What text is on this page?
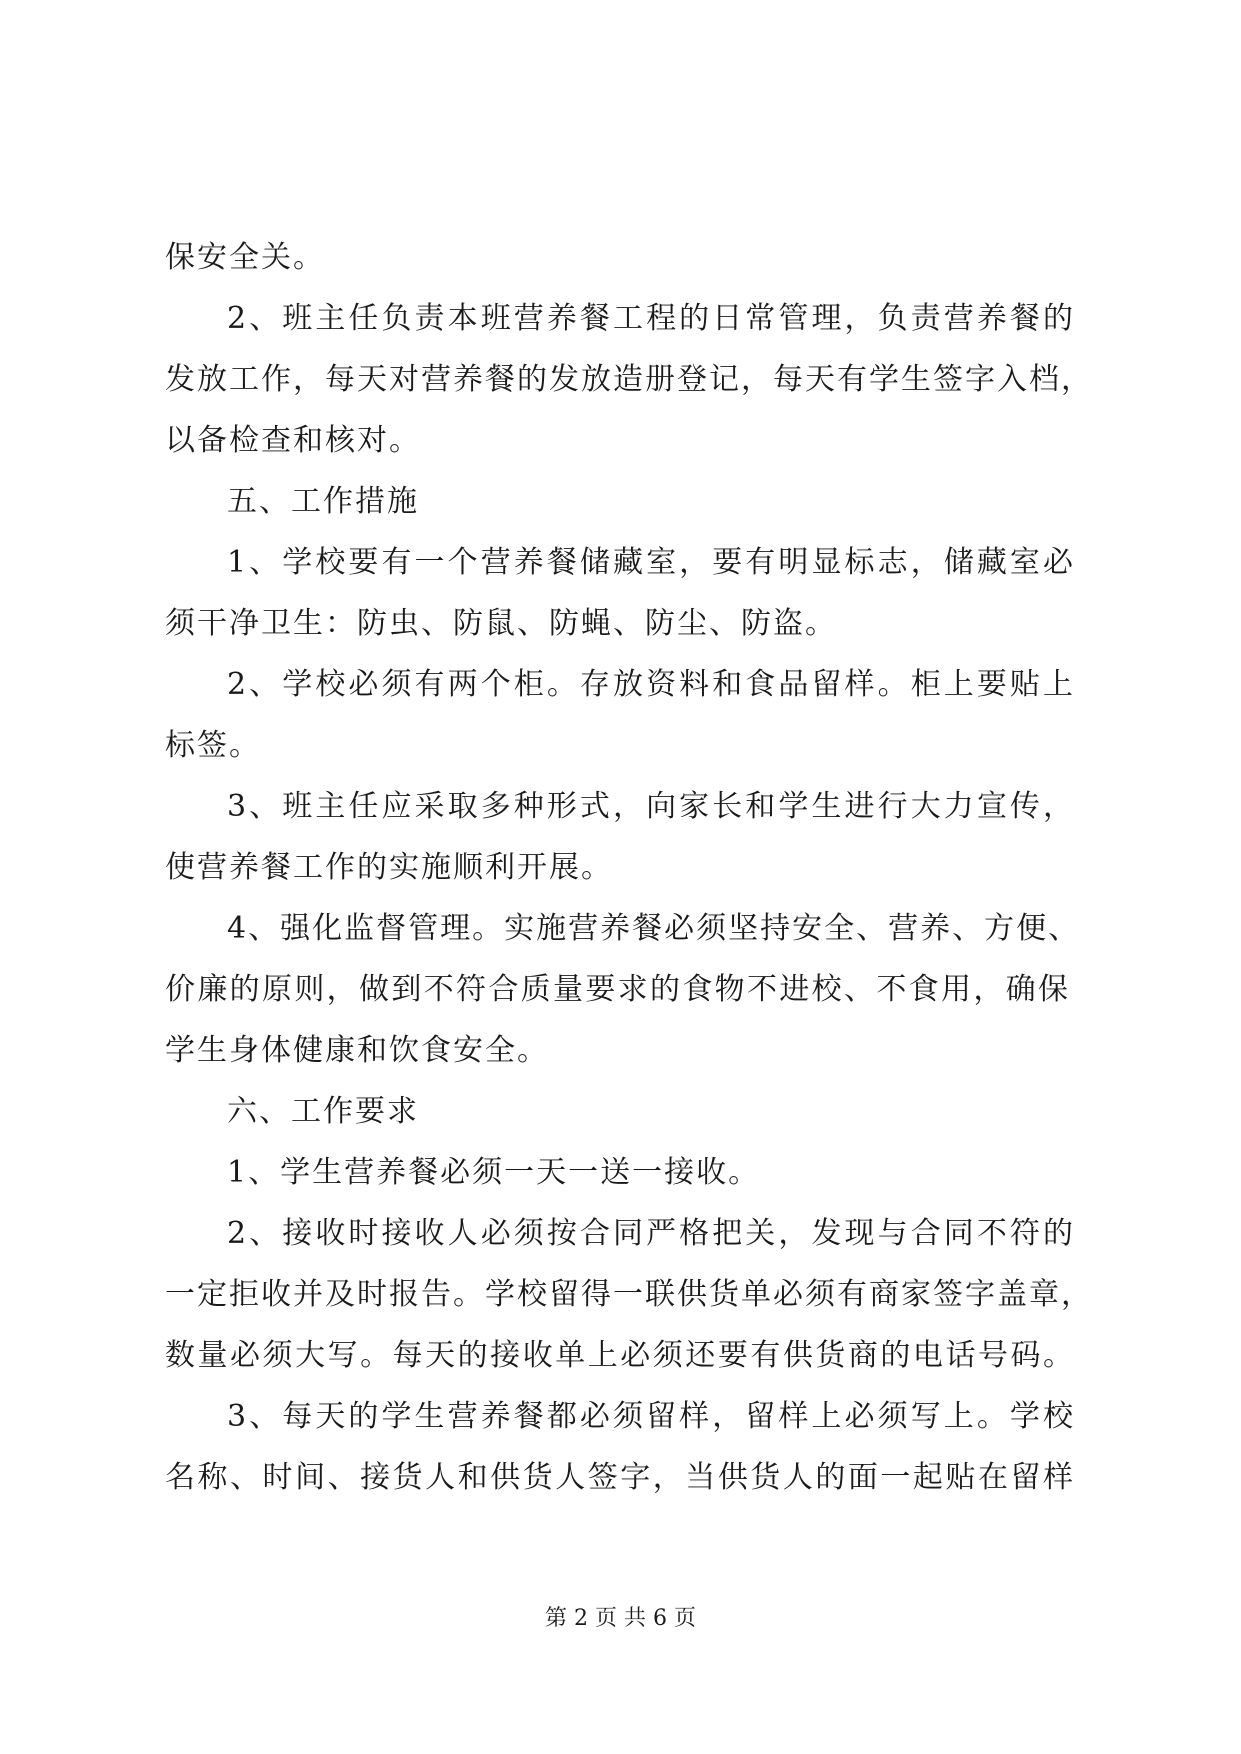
保安全关。
2、班主任负责本班营养餐工程的日常管理，负责营养餐的
发放工作，每天对营养餐的发放造册登记，每天有学生签字入档，
以备检查和核对。
五、工作措施
1、学校要有一个营养餐储藏室，要有明显标志，储藏室必
须干净卫生：防虫、防鼠、防蝇、防尘、防盗。
2、学校必须有两个柜。存放资料和食品留样。柜上要贴上
标签。
3、班主任应采取多种形式，向家长和学生进行大力宣传，
使营养餐工作的实施顺利开展。
4、强化监督管理。实施营养餐必须坚持安全、营养、方便、
价廉的原则，做到不符合质量要求的食物不进校、不食用，确保
学生身体健康和饮食安全。
六、工作要求
1、学生营养餐必须一天一送一接收。
2、接收时接收人必须按合同严格把关，发现与合同不符的
一定拒收并及时报告。学校留得一联供货单必须有商家签字盖章，
数量必须大写。每天的接收单上必须还要有供货商的电话号码。
3、每天的学生营养餐都必须留样，留样上必须写上。学校
名称、时间、接货人和供货人签字，当供货人的面一起贴在留样
第 2 页 共 6 页
